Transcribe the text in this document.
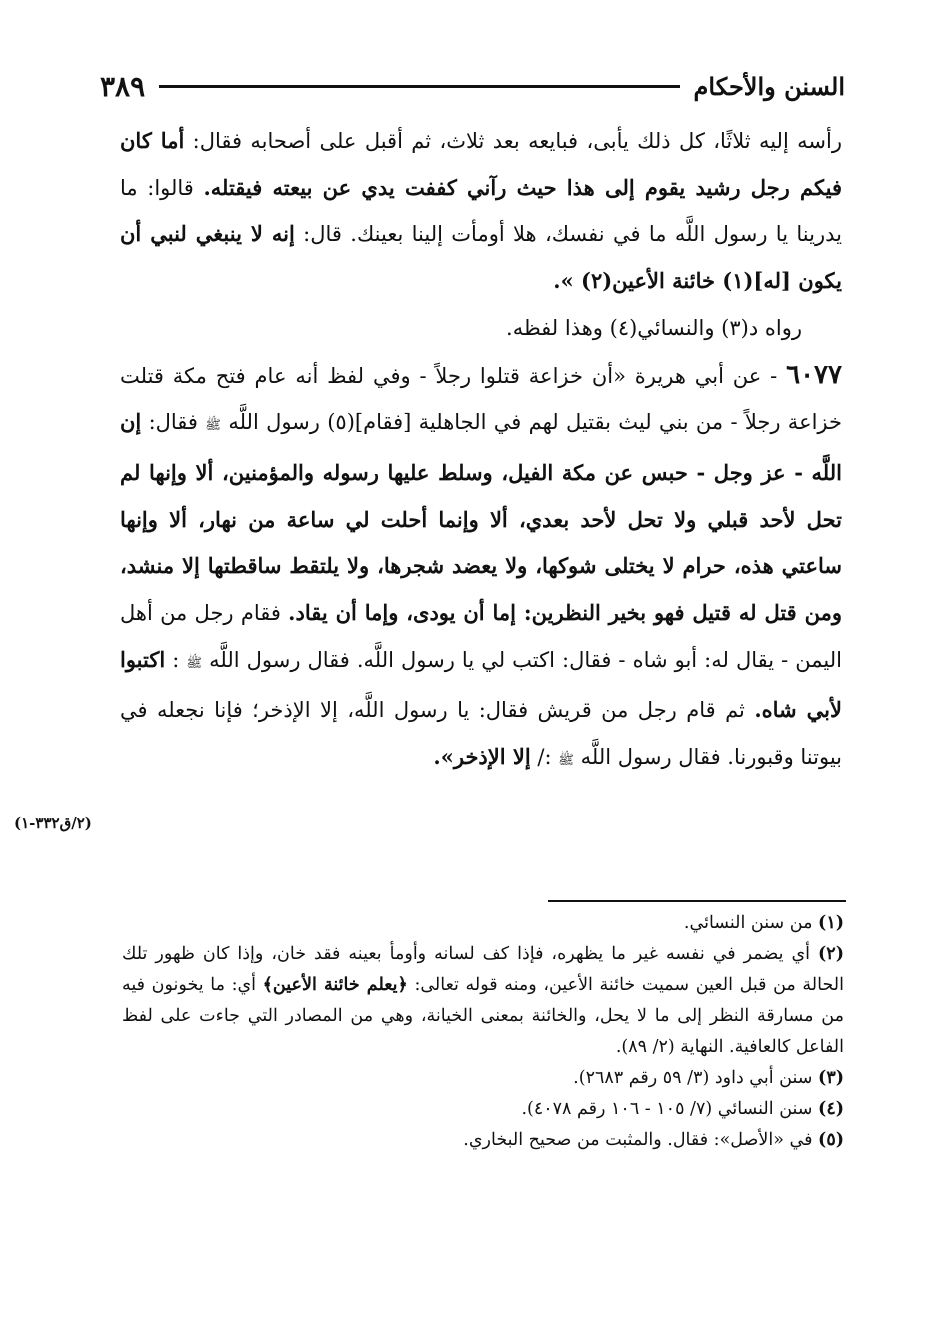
السنن والأحكام
٣٨٩

رأسه إليه ثلاثًا، كل ذلك يأبى، فبايعه بعد ثلاث، ثم أقبل على أصحابه فقال: أما كان فيكم رجل رشيد يقوم إلى هذا حيث رآني كففت يدي عن بيعته فيقتله. قالوا: ما يدرينا يا رسول اللَّه ما في نفسك، هلا أومأت إلينا بعينك. قال: إنه لا ينبغي لنبي أن يكون [له](١) خائنة الأعين(٢) ».

رواه د(٣) والنسائي(٤) وهذا لفظه.

٦٠٧٧ - عن أبي هريرة «أن خزاعة قتلوا رجلاً - وفي لفظ أنه عام فتح مكة قتلت خزاعة رجلاً - من بني ليث بقتيل لهم في الجاهلية [فقام](٥) رسول اللَّه ﷺ فقال: إن اللَّه - عز وجل - حبس عن مكة الفيل، وسلط عليها رسوله والمؤمنين، ألا وإنها لم تحل لأحد قبلي ولا تحل لأحد بعدي، ألا وإنما أحلت لي ساعة من نهار، ألا وإنها ساعتي هذه، حرام لا يختلى شوكها، ولا يعضد شجرها، ولا يلتقط ساقطتها إلا منشد، ومن قتل له قتيل فهو بخير النظرين: إما أن يودى، وإما أن يقاد. فقام رجل من أهل اليمن - يقال له: أبو شاه - فقال: اكتب لي يا رسول اللَّه. فقال رسول اللَّه ﷺ : اكتبوا لأبي شاه. ثم قام رجل من قريش فقال: يا رسول اللَّه، إلا الإذخر؛ فإنا نجعله في بيوتنا وقبورنا. فقال رسول اللَّه ﷺ :/ إلا الإذخر».

(٢/ق٣٣٢-١)

(١) من سنن النسائي.

(٢) أي يضمر في نفسه غير ما يظهره، فإذا كف لسانه وأومأ بعينه فقد خان، وإذا كان ظهور تلك الحالة من قبل العين سميت خائنة الأعين، ومنه قوله تعالى: ﴿يعلم خائنة الأعين﴾ أي: ما يخونون فيه من مسارقة النظر إلى ما لا يحل، والخائنة بمعنى الخيانة، وهي من المصادر التي جاءت على لفظ الفاعل كالعافية. النهاية (٢/ ٨٩).

(٣) سنن أبي داود (٣/ ٥٩ رقم ٢٦٨٣).

(٤) سنن النسائي (٧/ ١٠٥ - ١٠٦ رقم ٤٠٧٨).

(٥) في «الأصل»: فقال. والمثبت من صحيح البخاري.
